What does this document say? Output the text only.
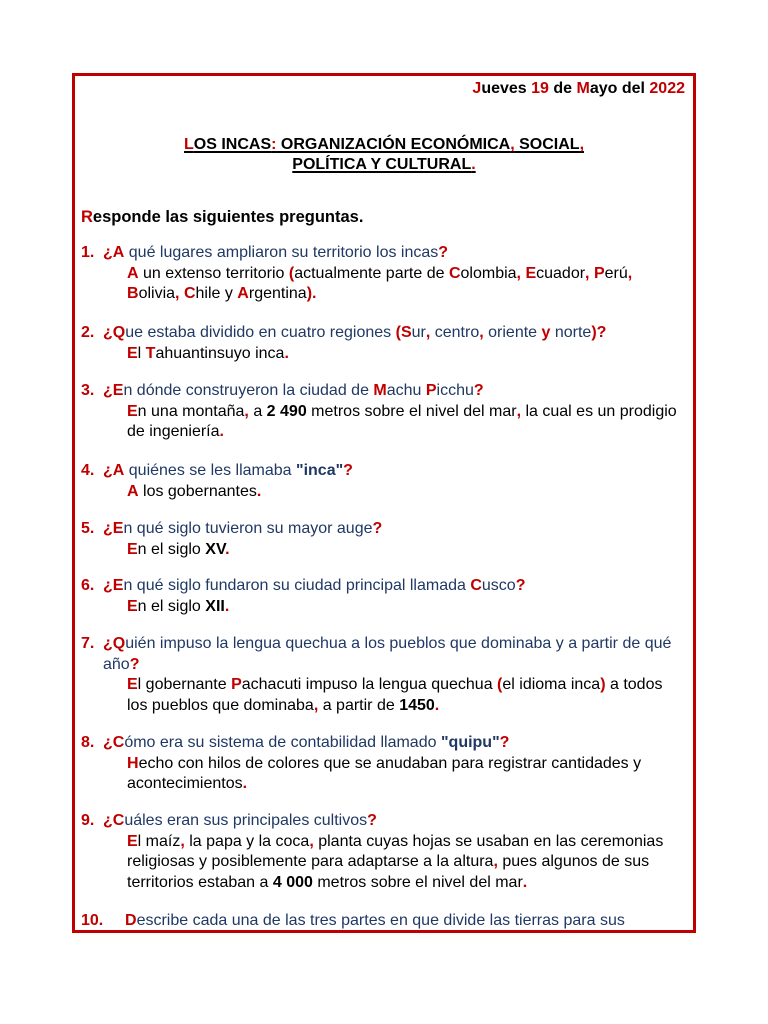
Jueves 19 de Mayo del 2022
LOS INCAS: ORGANIZACIÓN ECONÓMICA, SOCIAL,
POLÍTICA Y CULTURAL.
Responde las siguientes preguntas.
1. ¿A qué lugares ampliaron su territorio los incas?
A un extenso territorio (actualmente parte de Colombia, Ecuador, Perú, Bolivia, Chile y Argentina).
2. ¿Que estaba dividido en cuatro regiones (Sur, centro, oriente y norte)?
El Tahuantinsuyo inca.
3. ¿En dónde construyeron la ciudad de Machu Picchu?
En una montaña, a 2 490 metros sobre el nivel del mar, la cual es un prodigio de ingeniería.
4. ¿A quiénes se les llamaba "inca"?
A los gobernantes.
5. ¿En qué siglo tuvieron su mayor auge?
En el siglo XV.
6. ¿En qué siglo fundaron su ciudad principal llamada Cusco?
En el siglo XII.
7. ¿Quién impuso la lengua quechua a los pueblos que dominaba y a partir de qué año?
El gobernante Pachacuti impuso la lengua quechua (el idioma inca) a todos los pueblos que dominaba, a partir de 1450.
8. ¿Cómo era su sistema de contabilidad llamado "quipu"?
Hecho con hilos de colores que se anudaban para registrar cantidades y acontecimientos.
9. ¿Cuáles eran sus principales cultivos?
El maíz, la papa y la coca, planta cuyas hojas se usaban en las ceremonias religiosas y posiblemente para adaptarse a la altura, pues algunos de sus territorios estaban a 4 000 metros sobre el nivel del mar.
10. Describe cada una de las tres partes en que divide las tierras para sus
